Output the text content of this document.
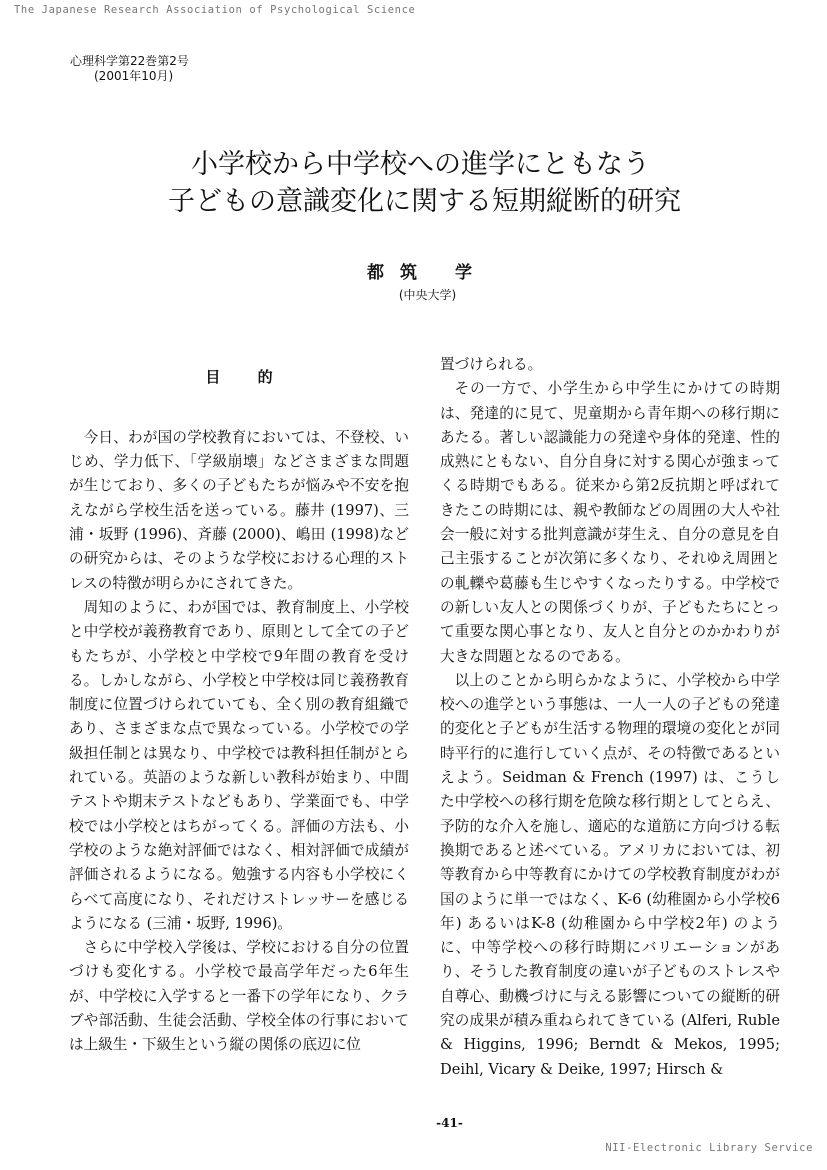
The Japanese Research Association of Psychological Science
心理科学第22巻第2号
(2001年10月)
小学校から中学校への進学にともなう
子どもの意識変化に関する短期縦断的研究
都筑 学
(中央大学)
目 的

今日、わが国の学校教育においては、不登校、いじめ、学力低下、「学級崩壊」などさまざまな問題が生じており、多くの子どもたちが悩みや不安を抱えながら学校生活を送っている。藤井 (1997)、三浦・坂野 (1996)、斉藤 (2000)、嶋田 (1998)などの研究からは、そのような学校における心理的ストレスの特徴が明らかにされてきた。

周知のように、わが国では、教育制度上、小学校と中学校が義務教育であり、原則として全ての子どもたちが、小学校と中学校で9年間の教育を受ける。しかしながら、小学校と中学校は同じ義務教育制度に位置づけられていても、全く別の教育組織であり、さまざまな点で異なっている。小学校での学級担任制とは異なり、中学校では教科担任制がとられている。英語のような新しい教科が始まり、中間テストや期末テストなどもあり、学業面でも、中学校では小学校とはちがってくる。評価の方法も、小学校のような絶対評価ではなく、相対評価で成績が評価されるようになる。勉強する内容も小学校にくらべて高度になり、それだけストレッサーを感じるようになる (三浦・坂野, 1996)。

さらに中学校入学後は、学校における自分の位置づけも変化する。小学校で最高学年だった6年生が、中学校に入学すると一番下の学年になり、クラブや部活動、生徒会活動、学校全体の行事においては上級生・下級生という縦の関係の底辺に位

置づけられる。

その一方で、小学生から中学生にかけての時期は、発達的に見て、児童期から青年期への移行期にあたる。著しい認識能力の発達や身体的発達、性的成熟にともない、自分自身に対する関心が強まってくる時期でもある。従来から第2反抗期と呼ばれてきたこの時期には、親や教師などの周囲の大人や社会一般に対する批判意識が芽生え、自分の意見を自己主張することが次第に多くなり、それゆえ周囲との軋轢や葛藤も生じやすくなったりする。中学校での新しい友人との関係づくりが、子どもたちにとって重要な関心事となり、友人と自分とのかかわりが大きな問題となるのである。

以上のことから明らかなように、小学校から中学校への進学という事態は、一人一人の子どもの発達的変化と子どもが生活する物理的環境の変化とが同時平行的に進行していく点が、その特徴であるといえよう。Seidman & French (1997) は、こうした中学校への移行期を危険な移行期としてとらえ、予防的な介入を施し、適応的な道筋に方向づける転換期であると述べている。アメリカにおいては、初等教育から中等教育にかけての学校教育制度がわが国のように単一ではなく、K-6 (幼稚園から小学校6年) あるいはK-8 (幼稚園から中学校2年) のように、中等学校への移行時期にバリエーションがあり、そうした教育制度の違いが子どものストレスや自尊心、動機づけに与える影響についての縦断的研究の成果が積み重ねられてきている (Alferi, Ruble & Higgins, 1996; Berndt & Mekos, 1995; Deihl, Vicary & Deike, 1997; Hirsch &

-41-
NII-Electronic Library Service
